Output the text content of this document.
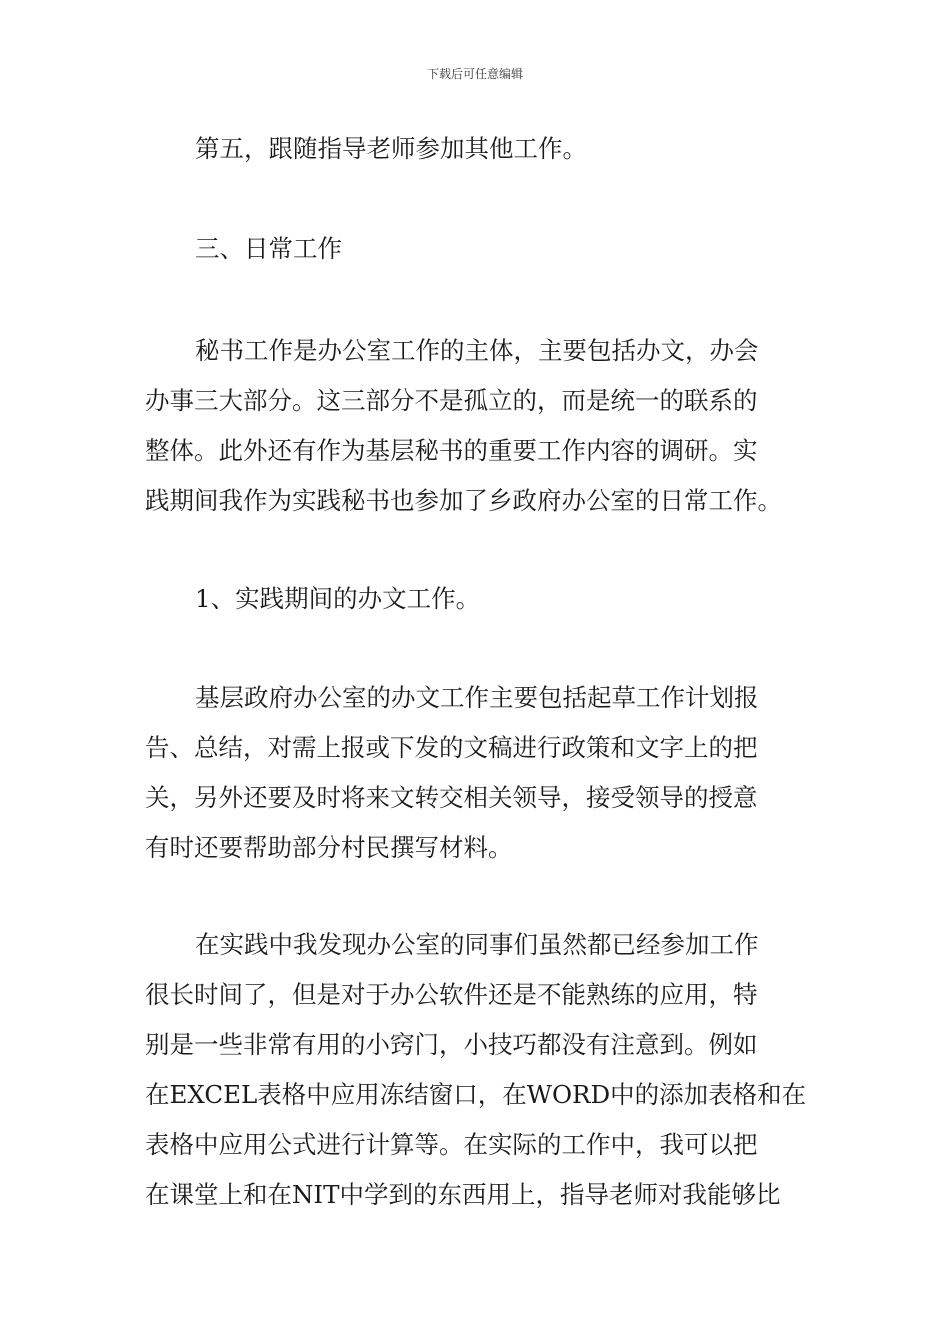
下载后可任意编辑
第五，跟随指导老师参加其他工作。
三、日常工作
秘书工作是办公室工作的主体，主要包括办文，办会
办事三大部分。这三部分不是孤立的，而是统一的联系的
整体。此外还有作为基层秘书的重要工作内容的调研。实
践期间我作为实践秘书也参加了乡政府办公室的日常工作。
1、实践期间的办文工作。
基层政府办公室的办文工作主要包括起草工作计划报
告、总结，对需上报或下发的文稿进行政策和文字上的把
关，另外还要及时将来文转交相关领导，接受领导的授意
有时还要帮助部分村民撰写材料。
在实践中我发现办公室的同事们虽然都已经参加工作
很长时间了，但是对于办公软件还是不能熟练的应用，特
别是一些非常有用的小窍门，小技巧都没有注意到。例如
在EXCEL表格中应用冻结窗口，在WORD中的添加表格和在
表格中应用公式进行计算等。在实际的工作中，我可以把
在课堂上和在NIT中学到的东西用上，指导老师对我能够比
